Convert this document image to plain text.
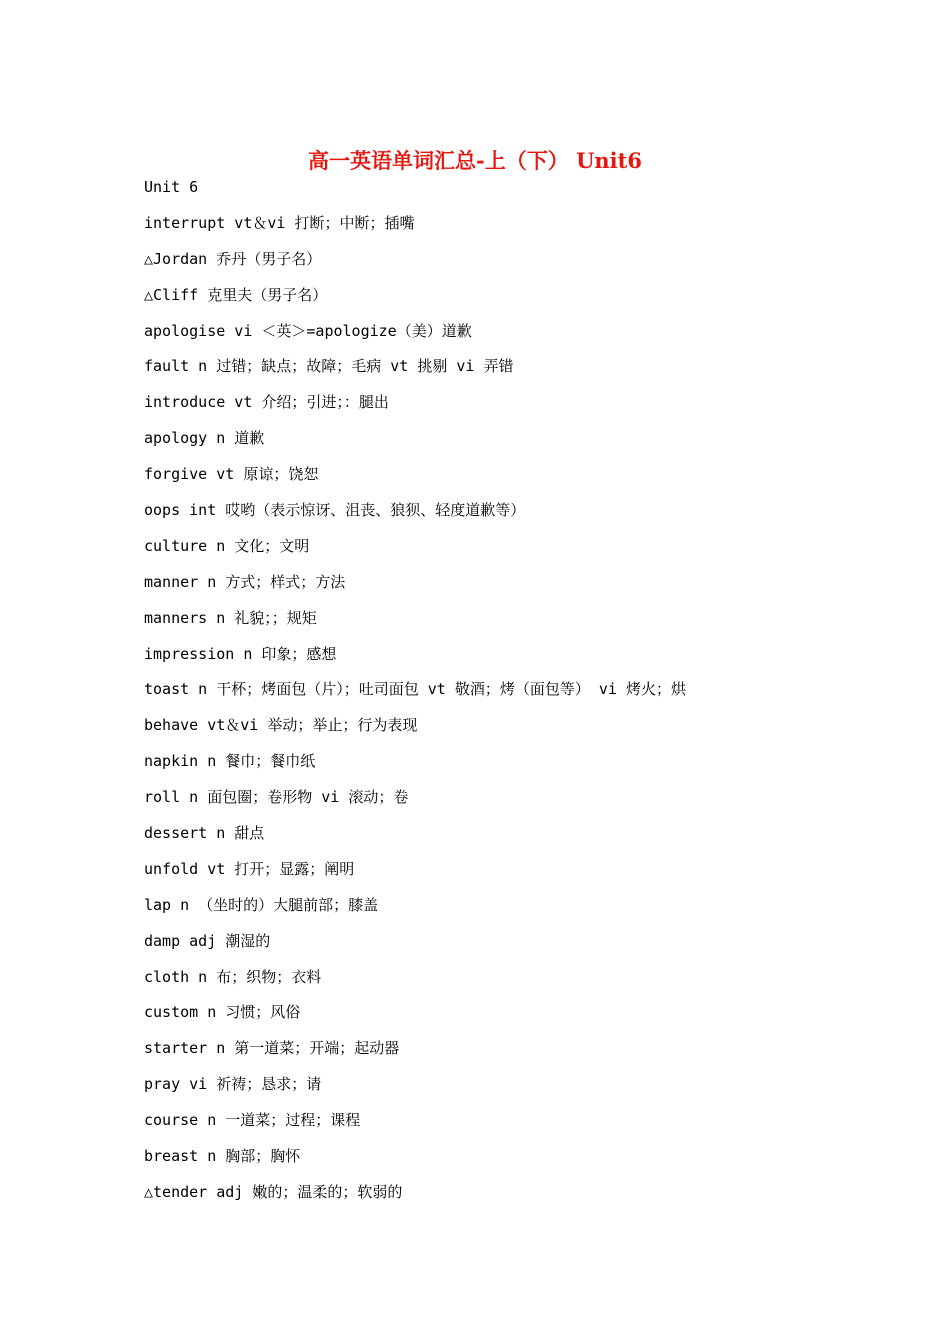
高一英语单词汇总-上（下） Unit6
Unit 6
interrupt vt＆vi 打断；中断；插嘴
△Jordan 乔丹（男子名）
△Cliff 克里夫（男子名）
apologise vi ＜英＞=apologize（美）道歉
fault n 过错；缺点；故障；毛病 vt 挑剔 vi 弄错
introduce vt 介绍；引进；：腿出
apology n 道歉
forgive vt 原谅；饶恕
oops int 哎哟（表示惊讶、沮丧、狼狈、轻度道歉等）
culture n 文化；文明
manner n 方式；样式；方法
manners n 礼貌；；规矩
impression n 印象；感想
toast n 干杯；烤面包（片）；吐司面包 vt 敬酒；烤（面包等） vi 烤火；烘
behave vt＆vi 举动；举止；行为表现
napkin n 餐巾；餐巾纸
roll n 面包圈；卷形物 vi 滚动；卷
dessert n 甜点
unfold vt 打开；显露；阐明
lap n （坐时的）大腿前部；膝盖
damp adj 潮湿的
cloth n 布；织物；衣料
custom n 习惯；风俗
starter n 第一道菜；开端；起动器
pray vi 祈祷；恳求；请
course n 一道菜；过程；课程
breast n 胸部；胸怀
△tender adj 嫩的；温柔的；软弱的
